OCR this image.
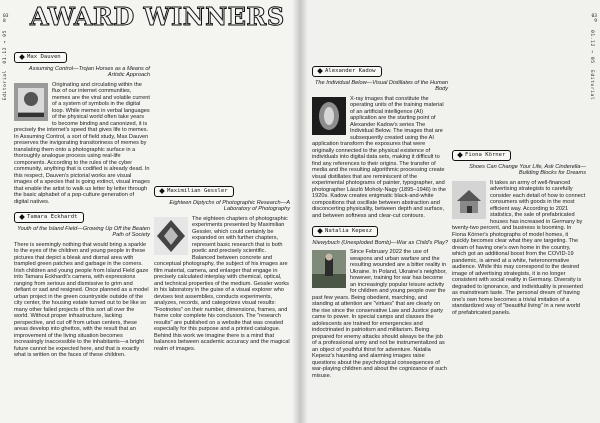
038
01.12 → 05
Editorial
AWARD WINNERS
Max Dauven
Assuming Control—Trojan Horses as a Means of Artistic Approach

Originating and circulating within the flux of our internet communities, memes are the viral and volatile current of a system of symbols in the digital loop. While memes in verbal languages of the physical world often take years to become binding and canonized, it is precisely the internet's speed that gives life to memes. In Assuming Control, a sort of field study, Max Dauven preserves the invigorating transitoriness of memes by translating them onto a photographic surface in a thoroughly analogue process using real-life components. According to the rules of the cyber community, anything that is codified is already dead. In this respect, Dauven's pictorial works are visual images of a species that is going extinct, visual images that enable the artist to walk us letter by letter through the basic alphabet of a pop-culture generation of digital natives.

Tamara Eckhardt
Youth of the Island Field—Growing Up Off the Beaten Path of Society

There is seemingly nothing that would bring a sparkle to the eyes of the children and young people in these pictures that depict a bleak and dismal area with trampled green patches and garbage in the corners. Irish children and young people from Island Field gaze into Tamara Eckhardt's camera, with expressions ranging from serious and dismissive to grim and defiant or sad and resigned. Once planned as a model urban project in the green countryside outside of the city center, the housing estate turned out to be like so many other failed projects of this sort all over the world. Without proper infrastructure, lacking perspective, and cut off from urban centers, these areas develop into ghettos, with the result that an improvement of the living situation becomes increasingly inaccessible to the inhabitants—a bright future cannot be expected here, and that is exactly what is written on the faces of these children.

Maximilian Gessler
Eighteen Diptychs of Photographic Research—A Laboratory of Photography

The eighteen chapters of photographic experiments presented by Maximilian Gessler, which could certainly be expanded on with further chapters, represent basic research that is both poetic and precisely scientific. Balanced between concrete and conceptual photography, the subject of his images are film material, camera, and enlarger that engage in precisely calculated interplay with chemical, optical, and technical properties of the medium. Gessler works in his laboratory in the guise of a visual explorer who devises test assemblies, conducts experiments, analyzes, records, and categorizes visual results: "Footnotes" on their number, dimensions, frames, and frame color complete his conclusion. The "research results" are published on a website that was created especially for this purpose and a printed catalogue. Behind this work we imagine there is a mind that balances between academic accuracy and the magical realm of images.

039
01.12 → 05
Editorial
Alexander Kadow
The Individual Below—Visual Distillates of the Human Body

X-ray images that constitute the operating units of the training material of an artificial intelligence (AI) application are the starting point of Alexander Kadow's series The Individual Below. The images that are subsequently created using the AI application transform the exposures that were originally connected to the physical existence of individuals into digital data sets, making it difficult to find any references to their origins. The transfer of media and the resulting algorithmic processing create visual distillates that are reminiscent of the experimental photograms of painter, typographer, and photographer László Moholy-Nagy (1895–1946) in the 1920s. Kadow creates enigmatic black-and-white compositions that oscillate between abstraction and disconcerting physicality, between depth and surface, and between softness and clear-cut contours.

Natalia Kepesz
Niewybuch (Unexploded Bomb)—War as Child's Play?

Since February 2022 the use of weapons and urban warfare and the resulting wounded are a bitter reality in Ukraine. In Poland, Ukraine's neighbor, however, training for war has become an increasingly popular leisure activity for children and young people over the past few years. Being obedient, marching, and standing at attention are "virtues" that are clearly on the rise since the conservative Law and Justice party came to power. In special camps and classes the adolescents are trained for emergencies and indoctrinated in patriotism and militarism. Being prepared for enemy attacks should always be the job of a professional army and not be instrumentalized as an object of youthful thirst for adventure. Natalia Kepesz's haunting and alarming images raise questions about the psychological consequences of war-playing children and about the cognizance of such misuse.

Fiona Körner
Shoes Can Change Your Life, Ask Cinderella—Building Blocks for Dreams

It takes an army of well-financed advertising strategists to carefully consider each detail of how to connect consumers with goods in the most efficient way. According to 2021 statistics, the sale of prefabricated houses has increased in Germany by twenty-two percent, and business is booming. In Fiona Körner's photographs of model homes, it quickly becomes clear what they are targeting. The dream of having one's own home in the country, which got an additional boost from the COVID-19 pandemic, is aimed at a white, heteronormative audience. While this may correspond to the desired image of advertising strategists, it is no longer consistent with social reality in Germany. Diversity is degraded to ignorance, and individuality is presented as mainstream taste. The personal dream of having one's own home becomes a trivial imitation of a standardized way of "beautiful living" in a new world of prefabricated panels.
